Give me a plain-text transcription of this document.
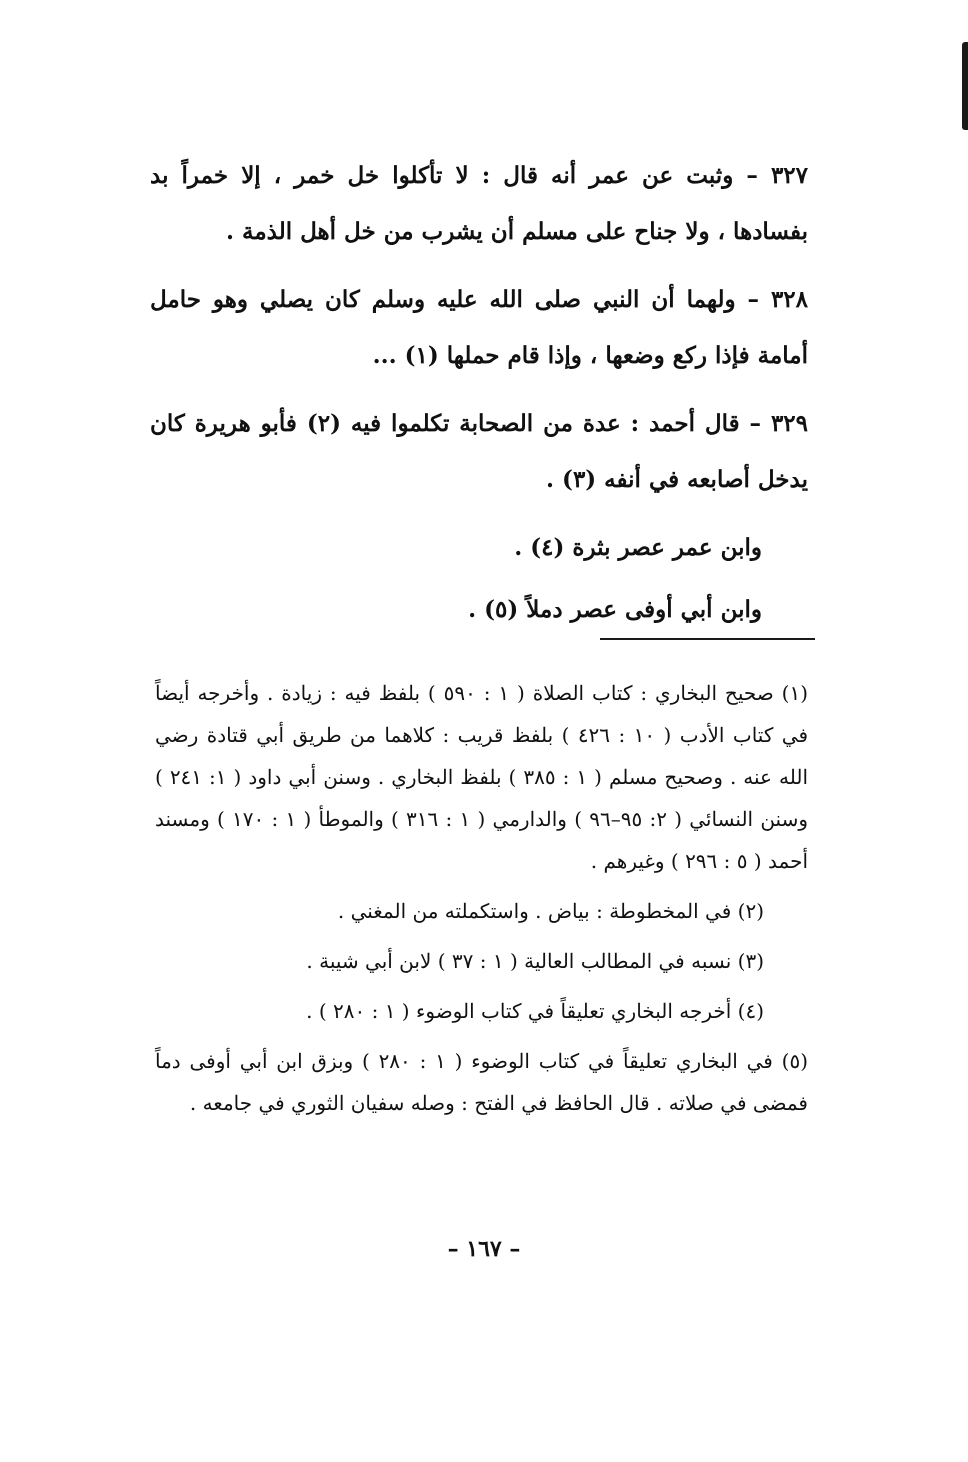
٣٢٧ – وثبت عن عمر أنه قال : لا تأكلوا خل خمر ، إلا خمراً بد بفسادها ، ولا جناح على مسلم أن يشرب من خل أهل الذمة .

٣٢٨ – ولهما أن النبي صلى الله عليه وسلم كان يصلي وهو حامل أمامة فإذا ركع وضعها ، وإذا قام حملها (١) ...

٣٢٩ – قال أحمد : عدة من الصحابة تكلموا فيه (٢) فأبو هريرة كان يدخل أصابعه في أنفه (٣) .

وابن عمر عصر بثرة (٤) .

وابن أبي أوفى عصر دملاً (٥) .

(١) صحيح البخاري : كتاب الصلاة ( ١ : ٥٩٠ ) بلفظ فيه : زيادة . وأخرجه أيضاً في كتاب الأدب ( ١٠ : ٤٢٦ ) بلفظ قريب : كلاهما من طريق أبي قتادة رضي الله عنه . وصحيح مسلم ( ١ : ٣٨٥ ) بلفظ البخاري . وسنن أبي داود ( ١: ٢٤١ ) وسنن النسائي ( ٢: ٩٥–٩٦ ) والدارمي ( ١ : ٣١٦ ) والموطأ ( ١ : ١٧٠ ) ومسند أحمد ( ٥ : ٢٩٦ ) وغيرهم .

(٢) في المخطوطة : بياض . واستكملته من المغني .

(٣) نسبه في المطالب العالية ( ١ : ٣٧ ) لابن أبي شيبة .

(٤) أخرجه البخاري تعليقاً في كتاب الوضوء ( ١ : ٢٨٠ ) .

(٥) في البخاري تعليقاً في كتاب الوضوء ( ١ : ٢٨٠ ) وبزق ابن أبي أوفى دماً فمضى في صلاته . قال الحافظ في الفتح : وصله سفيان الثوري في جامعه .

– ١٦٧ –
